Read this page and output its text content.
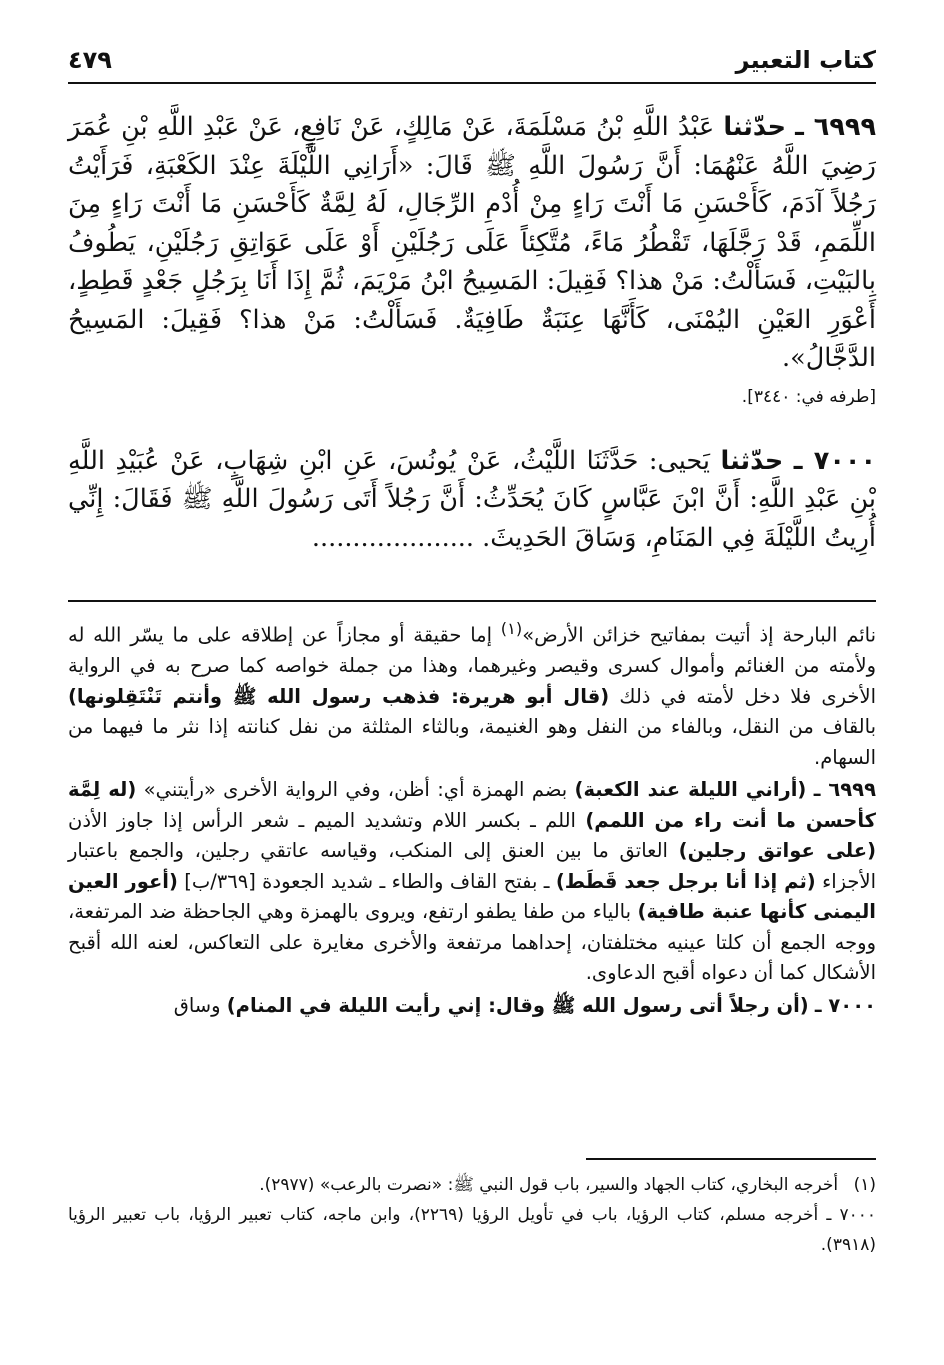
٤٧٩	كتاب التعبير
٦٩٩٩ ـ حدّثنا عَبْدُ اللَّهِ بْنُ مَسْلَمَةَ، عَنْ مَالِكٍ، عَنْ نَافِعٍ، عَنْ عَبْدِ اللَّهِ بْنِ عُمَرَ رَضِيَ اللَّهُ عَنْهُمَا: أَنَّ رَسُولَ اللَّهِ ﷺ قَالَ: «أَرَانِي اللَّيْلَةَ عِنْدَ الكَعْبَةِ، فَرَأَيْتُ رَجُلاً آدَمَ، كَأَحْسَنِ مَا أَنْتَ رَاءٍ مِنْ أُدْمِ الرِّجَالِ، لَهُ لِمَّةٌ كَأَحْسَنِ مَا أَنْتَ رَاءٍ مِنَ اللِّمَمِ، قَدْ رَجَّلَهَا، تَقْطُرُ مَاءً، مُتَّكِئاً عَلَى رَجُلَيْنِ أَوْ عَلَى عَوَاتِقِ رَجُلَيْنِ، يَطُوفُ بِالبَيْتِ، فَسَأَلْتُ: مَنْ هذا؟ فَقِيلَ: المَسِيحُ ابْنُ مَرْيَمَ، ثُمَّ إِذَا أَنَا بِرَجُلٍ جَعْدٍ قَطِطٍ، أَعْوَرِ العَيْنِ اليُمْنَى، كَأَنَّهَا عِنَبَةٌ طَافِيَةٌ. فَسَأَلْتُ: مَنْ هذا؟ فَقِيلَ: المَسِيحُ الدَّجَّالُ».
[طرفه في: ٣٤٤٠].
٧٠٠٠ ـ حدّثنا يَحيى: حَدَّثَنَا اللَّيْثُ، عَنْ يُونُسَ، عَنِ ابْنِ شِهَابٍ، عَنْ عُبَيْدِ اللَّهِ بْنِ عَبْدِ اللَّهِ: أَنَّ ابْنَ عَبَّاسٍ كَانَ يُحَدِّثُ: أَنَّ رَجُلاً أَتَى رَسُولَ اللَّهِ ﷺ فَقَالَ: إِنِّي أُرِيتُ اللَّيْلَةَ فِي المَنَامِ، وَسَاقَ الحَدِيثَ. ....................

نائم البارحة إذ أتيت بمفاتيح خزائن الأرض»$^{(١)}$ إما حقيقة أو مجازاً عن إطلاقه على ما يسّر الله له ولأمته من الغنائم وأموال كسرى وقيصر وغيرهما، وهذا من جملة خواصه كما صرح به في الرواية الأخرى فلا دخل لأمته في ذلك (قال أبو هريرة: فذهب رسول الله ﷺ وأنتم تَنْتَقِلونها) بالقاف من النقل، وبالفاء من النفل وهو الغنيمة، وبالثاء المثلثة من نفل كنانته إذا نثر ما فيهما من السهام.

٦٩٩٩ ـ (أراني الليلة عند الكعبة) بضم الهمزة أي: أظن، وفي الرواية الأخرى «رأيتني» (له لِمَّة كأحسن ما أنت راء من اللمم) اللم ـ بكسر اللام وتشديد الميم ـ شعر الرأس إذا جاوز الأذن (على عواتق رجلين) العاتق ما بين العنق إلى المنكب، وقياسه عاتقي رجلين، والجمع باعتبار الأجزاء (ثم إذا أنا برجل جعد قَطَط) ـ بفتح القاف والطاء ـ شديد الجعودة [٣٦٩/ب] (أعور العين اليمنى كأنها عنبة طافية) بالياء من طفا يطفو ارتفع، ويروى بالهمزة وهي الجاحظة ضد المرتفعة، ووجه الجمع أن كلتا عينيه مختلفتان، إحداهما مرتفعة والأخرى مغايرة على التعاكس، لعنه الله أقبح الأشكال كما أن دعواه أقبح الدعاوى.

٧٠٠٠ ـ (أن رجلاً أتى رسول الله ﷺ وقال: إني رأيت الليلة في المنام) وساق

(١) أخرجه البخاري، كتاب الجهاد والسير، باب قول النبي ﷺ: «نصرت بالرعب» (٢٩٧٧).

٧٠٠٠ ـ أخرجه مسلم، كتاب الرؤيا، باب في تأويل الرؤيا (٢٢٦٩)، وابن ماجه، كتاب تعبير الرؤيا، باب تعبير الرؤيا (٣٩١٨).
